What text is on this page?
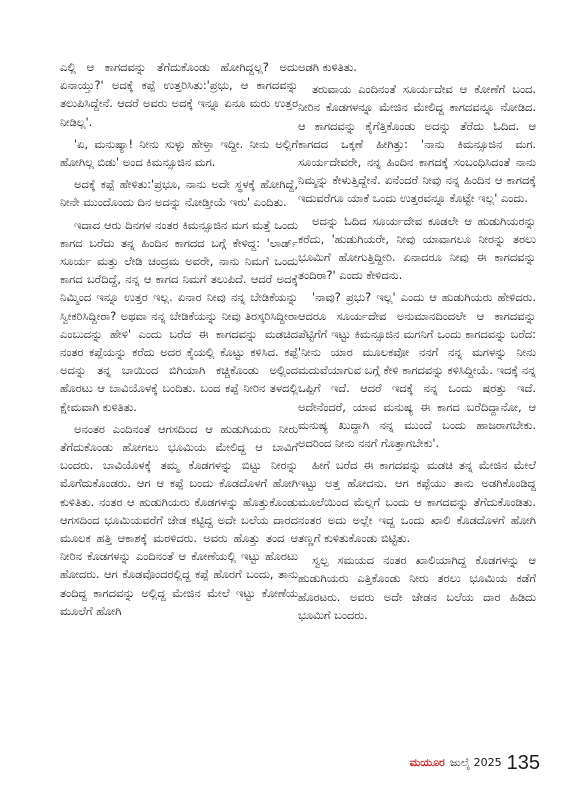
ಎಲ್ಲಿ ಆ ಕಾಗದವನ್ನು ತೆಗೆದುಕೊಂಡು ಹೋಗಿದ್ದಲ್ಲ? ಅದು ಏನಾಯ್ತು?' ಅದಕ್ಕೆ ಕಪ್ಪೆ ಉತ್ತರಿಸಿತು:'ಪ್ರಭು, ಆ ಕಾಗದವನ್ನು ತಲುಪಿಸಿದ್ದೇನೆ. ಆದರೆ ಅವರು ಅದಕ್ಕೆ ಇನ್ನೂ ಏನೂ ಮರು ಉತ್ತರ ನೀಡಿಲ್ಲ'.

'ಏ, ಮನುಷ್ಯಾ! ನೀನು ಸುಳ್ಳು ಹೇಳ್ತಾ ಇದ್ದೀ. ನೀನು ಅಲ್ಲಿಗೆ ಹೋಗಿಲ್ಲ ಬಿಡು' ಅಂದ ಕಿಮನ್ಸೂಜಿನ ಮಗ.

ಅದಕ್ಕೆ ಕಪ್ಪೆ ಹೇಳಿತು:'ಪ್ರಭೂ, ನಾನು ಅದೇ ಸ್ಥಳಕ್ಕೆ ಹೋಗಿದ್ದೆ, ನೀನೇ ಮುಂದೊಂದು ದಿನ ಅದನ್ನು ನೋಡ್ತೀಯೆ ಇರು' ಎಂದಿತು.

ಇದಾದ ಆರು ದಿನಗಳ ನಂತರ ಕಿಮನ್ಸೂಜಿನ ಮಗ ಮತ್ತೆ ಒಂದು ಕಾಗದ ಬರೆದು ತನ್ನ ಹಿಂದಿನ ಕಾಗದದ ಬಗ್ಗೆ ಕೇಳಿದ್ದ: 'ಲಾರ್ಡ್ ಸೂರ್ಯ ಮತ್ತು ಲೇಡಿ ಚಂದ್ರಮ ಅವರೇ, ನಾನು ನಿಮಗೆ ಒಂದು ಕಾಗದ ಬರೆದಿದ್ದೆ, ನನ್ನ ಆ ಕಾಗದ ನಿಮಗೆ ತಲುಪಿದೆ. ಆದರೆ ಅದಕ್ಕೆ ನಿಮ್ಮಿಂದ ಇನ್ನೂ ಉತ್ತರ ಇಲ್ಲ. ಏನಾರ ನೀವು ನನ್ನ ಬೇಡಿಕೆಯನ್ನು ಸ್ವೀಕರಿಸಿದ್ದೀರಾ? ಅಥವಾ ನನ್ನ ಬೇಡಿಕೆಯನ್ನು ನೀವು ತಿರಸ್ಕರಿಸಿದ್ದೀರಾ ಎಂಬುದನ್ನು ಹೇಳಿ' ಎಂದು ಬರೆದ ಈ ಕಾಗದವನ್ನು ಮಡಚಿದ ನಂತರ ಕಪ್ಪೆಯನ್ನು ಕರೆದು ಅದರ ಕೈಯಲ್ಲಿ ಕೊಟ್ಟು ಕಳಿಸಿದ. ಕಪ್ಪೆ ಅದನ್ನು ತನ್ನ ಬಾಯಿಂದ ಬಿಗಿಯಾಗಿ ಕಚ್ಚಿಕೊಂಡು ಅಲ್ಲಿಂದ ಹೊರಟು ಆ ಬಾವಿಯೊಳಕ್ಕೆ ಬಂದಿತು. ಬಂದ ಕಪ್ಪೆ ನೀರಿನ ತಳದಲ್ಲಿ ಕ್ಷೇಮವಾಗಿ ಕುಳಿತಿತು.

ಅನಂತರ ಎಂದಿನಂತೆ ಆಗಸದಿಂದ ಆ ಹುಡುಗಿಯರು ನೀರು ತೆಗೆದುಕೊಂಡು ಹೋಗಲು ಭೂಮಿಯ ಮೇಲಿದ್ದ ಆ ಬಾವಿಗೆ ಬಂದರು. ಬಾವಿಯೊಳಕ್ಕೆ ತಮ್ಮ ಕೊಡಗಳನ್ನು ಬಿಟ್ಟು ನೀರನ್ನು ಮೊಗೆದುಕೊಂಡರು. ಆಗ ಆ ಕಪ್ಪೆ ಬಂದು ಕೊಡದೊಳಗೆ ಹೋಗಿ ಕುಳಿತಿತು. ನಂತರ ಆ ಹುಡುಗಿಯರು ಕೊಡಗಳನ್ನು ಹೊತ್ತುಕೊಂಡು ಆಗಸದಿಂದ ಭೂಮಿಯವರೆಗೆ ಜೇಡ ಕಟ್ಟಿದ್ದ ಅದೇ ಬಲೆಯ ದಾರದ ಮೂಲಕ ಹತ್ತಿ ಆಕಾಶಕ್ಕೆ ಮರಳಿದರು. ಅವರು ಹೊತ್ತು ತಂದ ಆ ನೀರಿನ ಕೊಡಗಳನ್ನು ಎಂದಿನಂತೆ ಆ ಕೋಣೆಯಲ್ಲಿ ಇಟ್ಟು ಹೊರಟು ಹೋದರು. ಆಗ ಕೊಡವೊಂದರಲ್ಲಿದ್ದ ಕಪ್ಪೆ ಹೊರಗೆ ಬಂದು, ತಾನು ತಂದಿದ್ದ ಕಾಗದವನ್ನು ಅಲ್ಲಿದ್ದ ಮೇಜಿನ ಮೇಲೆ ಇಟ್ಟು ಕೋಣೆಯ ಮೂಲೆಗೆ ಹೋಗಿ

ಅಡಗಿ ಕುಳಿತಿತು.

ತರುವಾಯ ಎಂದಿನಂತೆ ಸೂರ್ಯದೇವ ಆ ಕೋಣೆಗೆ ಬಂದ. ನೀರಿನ ಕೊಡಗಳನ್ನೂ ಮೇಜಿನ ಮೇಲಿದ್ದ ಕಾಗದವನ್ನೂ ನೋಡಿದ. ಆ ಕಾಗದವನ್ನು ಕೈಗೆತ್ತಿಕೊಂಡು ಅದನ್ನು ತೆರೆದು ಓದಿದ. ಆ ಕಾಗದದ ಒಕ್ಕಣೆ ಹೀಗಿತ್ತು: 'ನಾನು ಕಿಮನ್ಸೂಜಿನ ಮಗ. ಸೂರ್ಯದೇವರೇ, ನನ್ನ ಹಿಂದಿನ ಕಾಗದಕ್ಕೆ ಸಂಬಂಧಿಸಿದಂತೆ ನಾನು ನಿಮ್ಮನ್ನು ಕೇಳುತ್ತಿದ್ದೇನೆ. ಏನೆಂದರೆ ನೀವು ನನ್ನ ಹಿಂದಿನ ಆ ಕಾಗದಕ್ಕೆ ಇದುವರೆಗೂ ಯಾಕೆ ಒಂದು ಉತ್ತರವನ್ನೂ ಕೊಟ್ಟೇ ಇಲ್ಲ' ಎಂದು.

ಅದನ್ನು ಓದಿದ ಸೂರ್ಯದೇವ ಕೂಡಲೇ ಆ ಹುಡುಗಿಯರನ್ನು ಕರೆದು, 'ಹುಡುಗಿಯರೇ, ನೀವು ಯಾವಾಗಲೂ ನೀರನ್ನು ತರಲು ಭೂಮಿಗೆ ಹೋಗುತ್ತಿದ್ದೀರಿ. ಏನಾದರೂ ನೀವು ಈ ಕಾಗದವನ್ನು ತಂದಿರಾ?' ಎಂದು ಕೇಳಿದನು.

'ನಾವು? ಪ್ರಭು? ಇಲ್ಲ' ಎಂದು ಆ ಹುಡುಗಿಯರು ಹೇಳಿದರು. ಆದರೂ ಸೂರ್ಯದೇವ ಅನುಮಾನದಿಂದಲೇ ಆ ಕಾಗದವನ್ನು ಪೆಟ್ಟಿಗೆಗೆ ಇಟ್ಟು ಕಿಮನ್ಸೂಜಿನ ಮಗನಿಗೆ ಒಂದು ಕಾಗದವನ್ನು ಬರೆದ: 'ನೀನು ಯಾರ ಮೂಲಕವೋ ನನಗೆ ನನ್ನ ಮಗಳನ್ನು ನೀನು ಮದುವೆಯಾಗುವ ಬಗ್ಗೆ ಕೇಳಿ ಕಾಗದವನ್ನು ಕಳಿಸಿದ್ದೀಯೆ. ಇದಕ್ಕೆ ನನ್ನ ಒಪ್ಪಿಗೆ ಇದೆ. ಆದರೆ ಇದಕ್ಕೆ ನನ್ನ ಒಂದು ಷರತ್ತು ಇದೆ. ಅದೇನೆಂದರೆ, ಯಾವ ಮನುಷ್ಯ ಈ ಕಾಗದ ಬರೆದಿದ್ದಾನೋ, ಆ ಮನುಷ್ಯ ಖುದ್ದಾಗಿ ನನ್ನ ಮುಂದೆ ಬಂದು ಹಾಜರಾಗಬೇಕು. ಅದರಿಂದ ನೀನು ನನಗೆ ಗೊತ್ತಾಗಬೇಕು'.

ಹೀಗೆ ಬರೆದ ಈ ಕಾಗದವನ್ನು ಮಡಚಿ ತನ್ನ ಮೇಜಿನ ಮೇಲೆ ಇಟ್ಟು ಅತ್ತ ಹೋದನು. ಆಗ ಕಪ್ಪೆಯು ತಾನು ಅಡಗಿಕೊಂಡಿದ್ದ ಮೂಲೆಯಿಂದ ಮೆಲ್ಲಗೆ ಬಂದು ಆ ಕಾಗದವನ್ನು ತೆಗೆದುಕೊಂಡಿತು. ನಂತರ ಅದು ಅಲ್ಲೇ ಇದ್ದ ಒಂದು ಖಾಲಿ ಕೊಡದೊಳಗೆ ಹೋಗಿ ತಣ್ಣಗೆ ಕುಳಿತುಕೊಂಡು ಬಿಟ್ಟಿತು.

ಸ್ವಲ್ಪ ಸಮಯದ ನಂತರ ಖಾಲಿಯಾಗಿದ್ದ ಕೊಡಗಳನ್ನು ಆ ಹುಡುಗಿಯರು ಎತ್ತಿಕೊಂಡು ನೀರು ತರಲು ಭೂಮಿಯ ಕಡೆಗೆ ಹೊರಟರು. ಅವರು ಅದೇ ಜೇಡನ ಬಲೆಯ ದಾರ ಹಿಡಿದು ಭೂಮಿಗೆ ಬಂದರು.

ಮಯೂರ ಜುಲೈ 2025 135
